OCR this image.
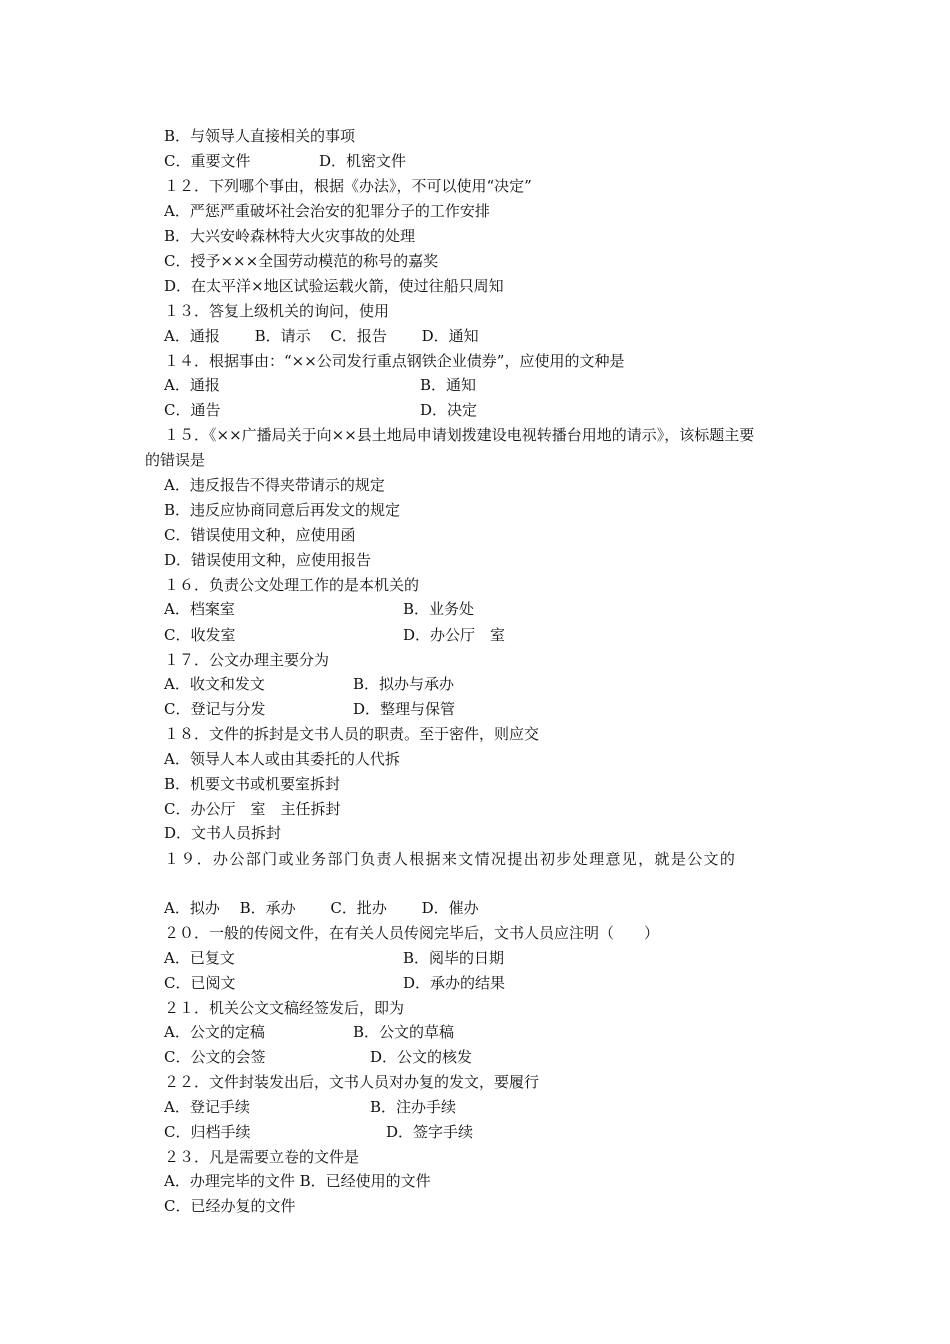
B．与领导人直接相关的事项
C．重要文件	D．机密文件
１２．下列哪个事由，根据《办法》，不可以使用“决定”
A．严惩严重破坏社会治安的犯罪分子的工作安排
B．大兴安岭森林特大火灾事故的处理
C．授予×××全国劳动模范的称号的嘉奖
D．在太平洋×地区试验运载火箭，使过往船只周知
１３．答复上级机关的询问，使用
A．通报　　 B．请示　 C．报告　　 D．通知
１４．根据事由：“××公司发行重点钢铁企业债券”，应使用的文种是
A．通报	B．通知
C．通告	D．决定
１５．《××广播局关于向××县土地局申请划拨建设电视转播台用地的请示》，该标题主要
的错误是
A．违反报告不得夹带请示的规定
B．违反应协商同意后再发文的规定
C．错误使用文种，应使用函
D．错误使用文种，应使用报告
１６．负责公文处理工作的是本机关的
A．档案室	B．业务处
C．收发室	D．办公厅　室
１７．公文办理主要分为
A．收文和发文	B．拟办与承办
C．登记与分发	D．整理与保管
１８．文件的拆封是文书人员的职责。至于密件，则应交
A．领导人本人或由其委托的人代拆
B．机要文书或机要室拆封
C．办公厅　室　主任拆封
D．文书人员拆封
１９．办公部门或业务部门负责人根据来文情况提出初步处理意见，就是公文的
A．拟办　 B．承办　　 C．批办　　 D．催办
２０．一般的传阅文件，在有关人员传阅完毕后，文书人员应注明（　　）
A．已复文	B．阅毕的日期
C．已阅文	D．承办的结果
２１．机关公文文稿经签发后，即为
A．公文的定稿	B．公文的草稿
C．公文的会签	D．公文的核发
２２．文件封装发出后，文书人员对办复的发文，要履行
A．登记手续	B．注办手续
C．归档手续	D．签字手续
２３．凡是需要立卷的文件是
A．办理完毕的文件 B．已经使用的文件
C．已经办复的文件
